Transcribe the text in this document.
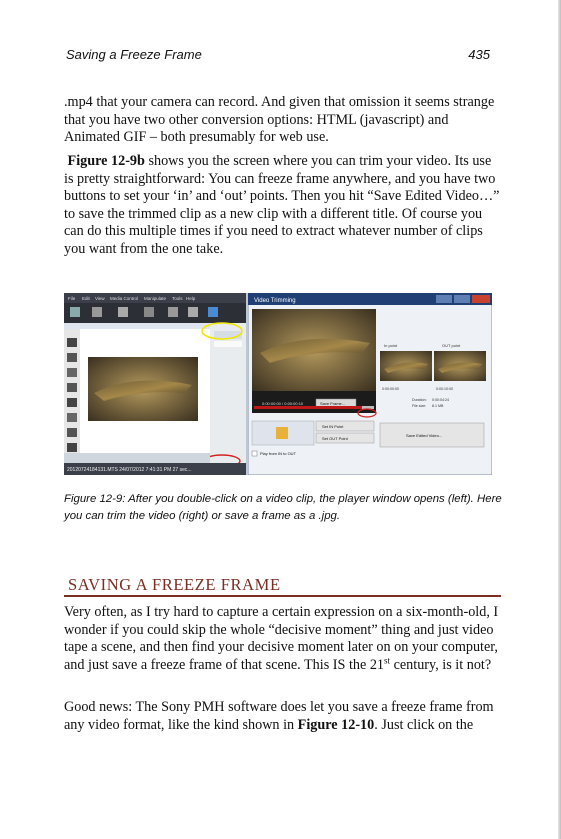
Saving a Freeze Frame	435

.mp4 that your camera can record. And given that omission it seems strange that you have two other conversion options: HTML (javascript) and Animated GIF – both presumably for web use.

Figure 12-9b shows you the screen where you can trim your video. Its use is pretty straightforward: You can freeze frame anywhere, and you have two buttons to set your ‘in’ and ‘out’ points. Then you hit “Save Edited Video…” to save the trimmed clip as a new clip with a different title. Of course you can do this multiple times if you need to extract whatever number of clips you want from the one take.

20120724184131.MTS 24/07/2012 7:41:31 PM 27 sec...
File Edit View Media Control Manipulate Tools Help	Video Trimming
0:00:00:00 / 0:00:00:10	Save Frame...
In point	OUT point
0:00:00:00	0:00:10:00
Duration: 0:00:04:24
File size: 8.1 MB
Set IN Point
Set OUT Point
Save Edited Video...
Play from IN to OUT
Figure 12-9: After you double-click on a video clip, the player window opens (left). Here you can trim the video (right) or save a frame as a .jpg.
SAVING A FREEZE FRAME

Very often, as I try hard to capture a certain expression on a six-month-old, I wonder if you could skip the whole “decisive moment” thing and just video tape a scene, and then find your decisive moment later on on your computer, and just save a freeze frame of that scene. This IS the 21st century, is it not?

Good news: The Sony PMH software does let you save a freeze frame from any video format, like the kind shown in Figure 12-10. Just click on the
